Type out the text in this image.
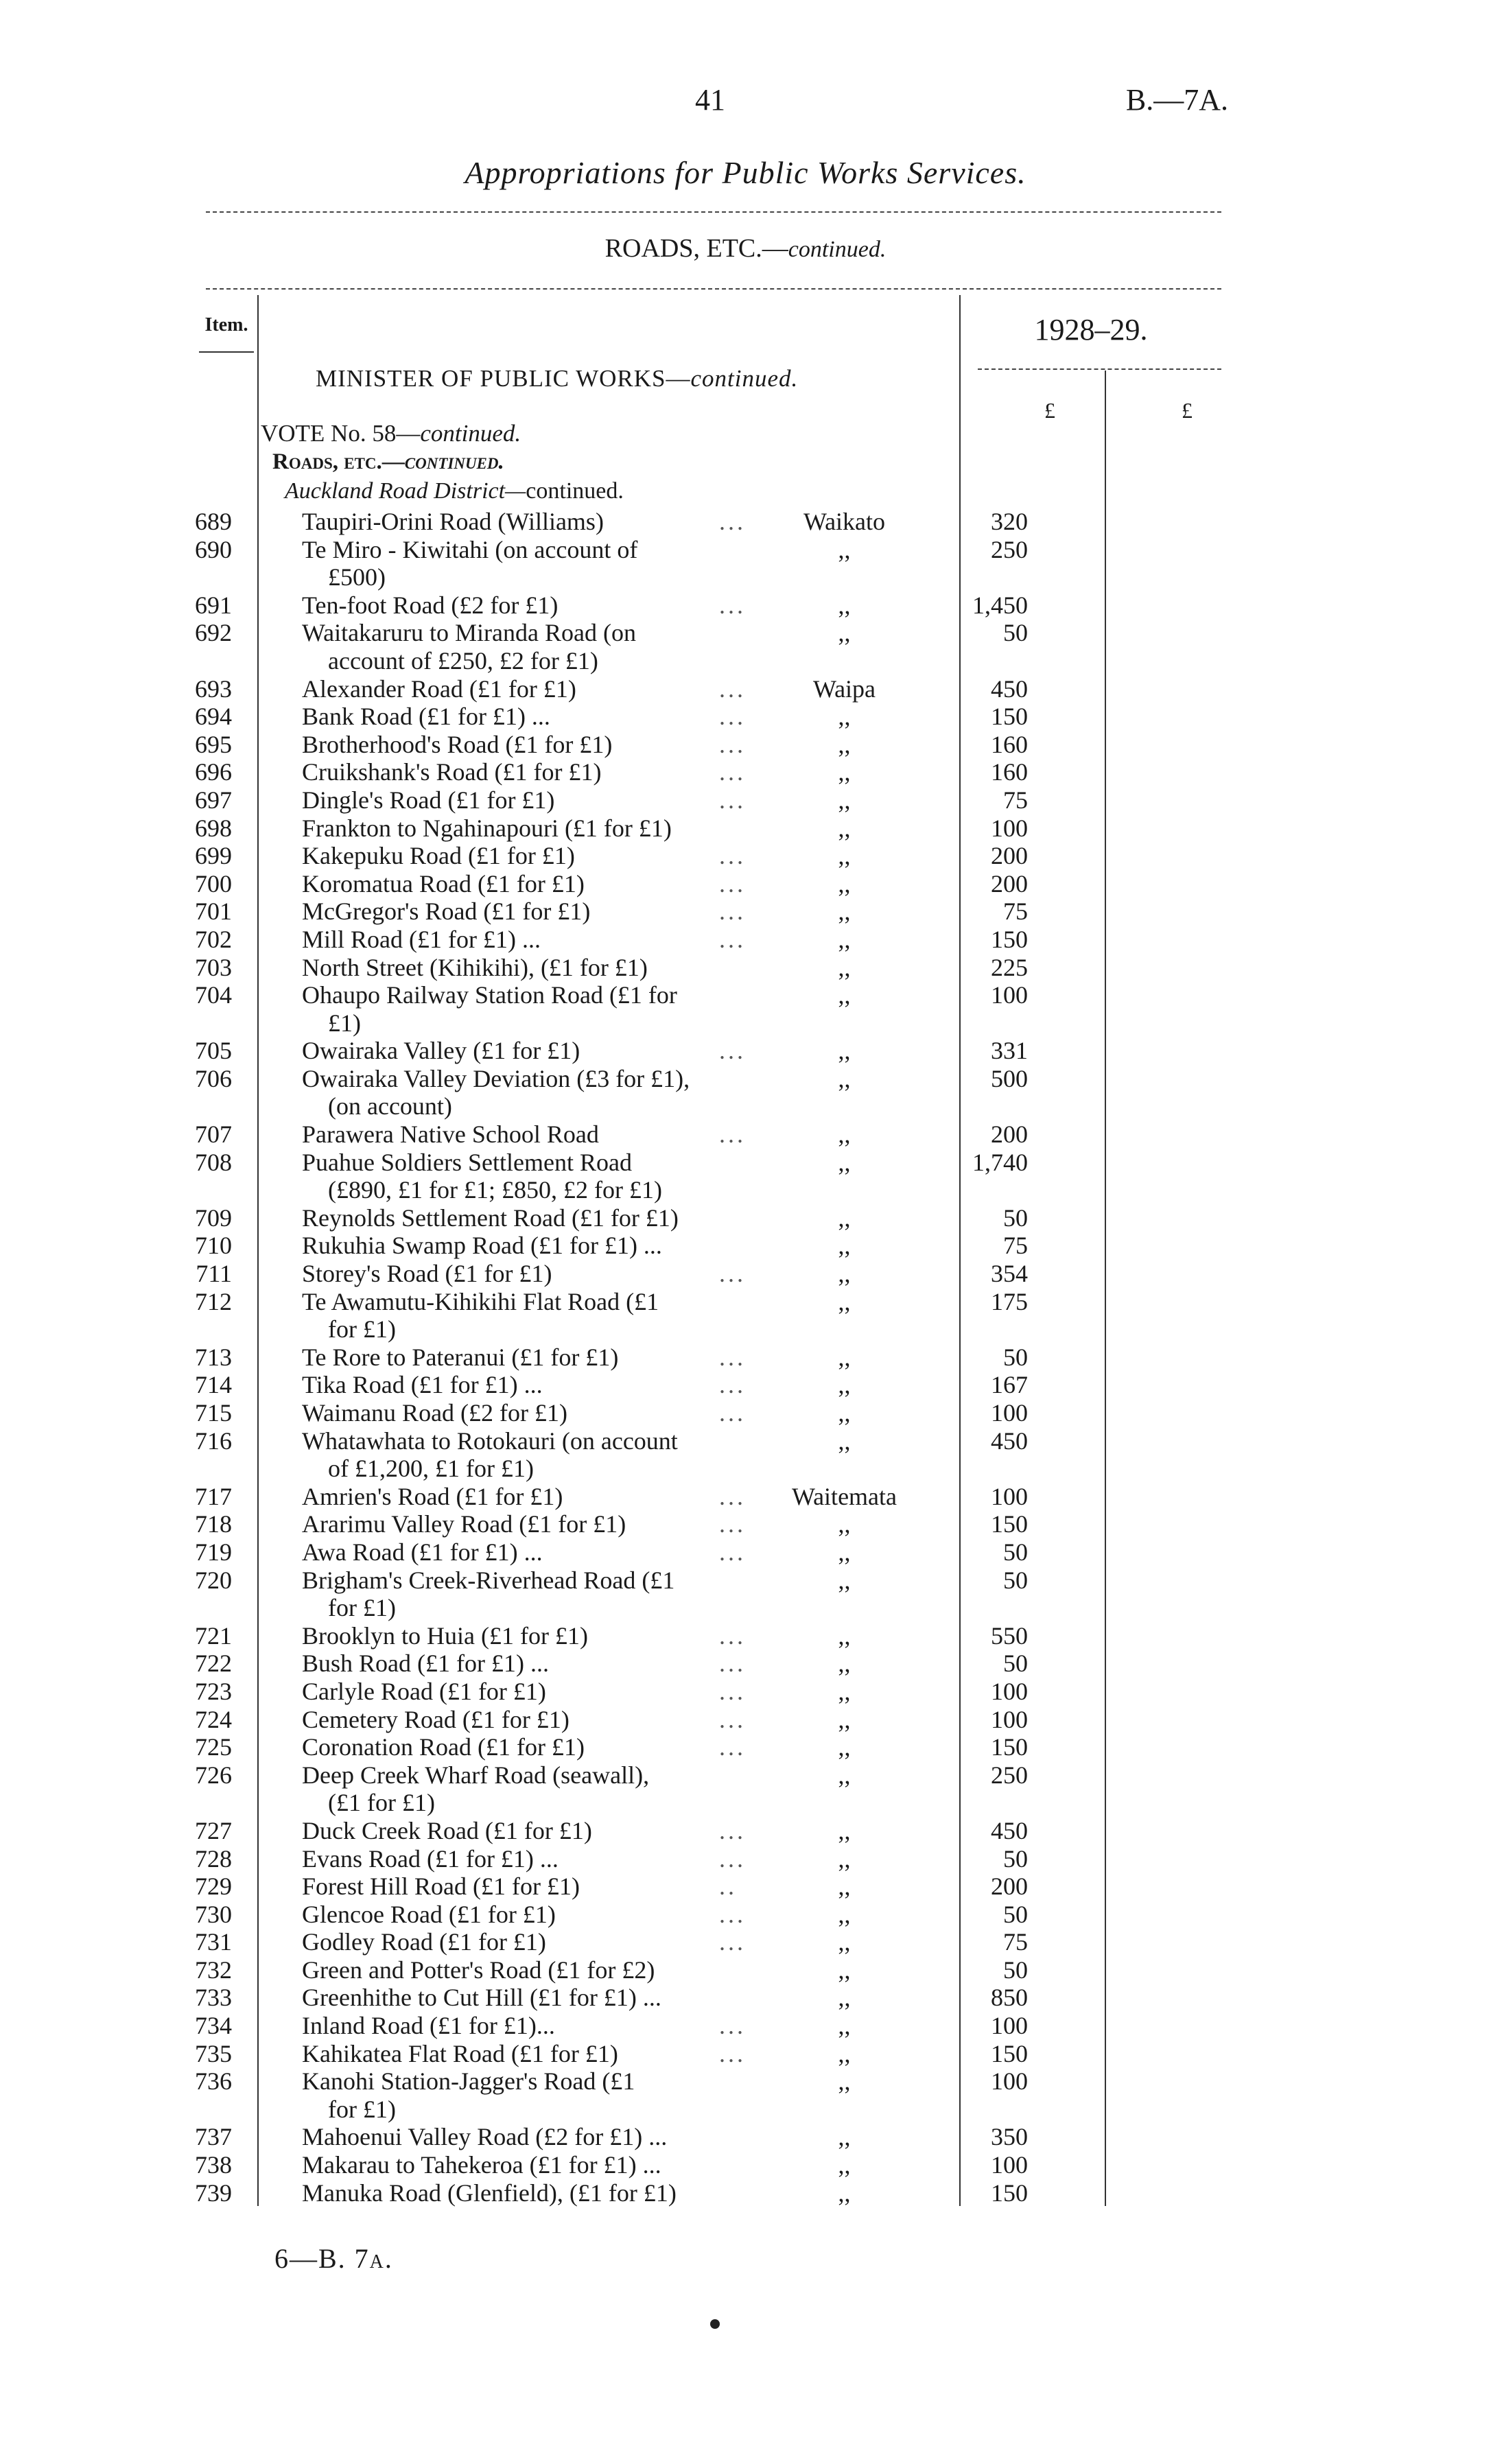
41	B.—7A.
Appropriations for Public Works Services.
ROADS, ETC.—continued.
Item.	1928–29.
MINISTER OF PUBLIC WORKS—continued.
£	£
VOTE No. 58—continued.
Roads, etc.—continued.
Auckland Road District—continued.
689	Taupiri-Orini Road (Williams)	...	Waikato	320
690	Te Miro - Kiwitahi (on account of
£500)
,,	250
691	Ten-foot Road (£2 for £1)	...	,,	1,450
692	Waitakaruru to Miranda Road (on
account of £250, £2 for £1)
,,	50
693	Alexander Road (£1 for £1)	...	Waipa	450
694	Bank Road (£1 for £1) ...	...	,,	150
695	Brotherhood's Road (£1 for £1)	...	,,	160
696	Cruikshank's Road (£1 for £1)	...	,,	160
697	Dingle's Road (£1 for £1)	...	,,	75
698	Frankton to Ngahinapouri (£1 for £1)	,,	100
699	Kakepuku Road (£1 for £1)	...	,,	200
700	Koromatua Road (£1 for £1)	...	,,	200
701	McGregor's Road (£1 for £1)	...	,,	75
702	Mill Road (£1 for £1) ...	...	,,	150
703	North Street (Kihikihi), (£1 for £1)	,,	225
704	Ohaupo Railway Station Road (£1 for
£1)
,,	100
705	Owairaka Valley (£1 for £1)	...	,,	331
706	Owairaka Valley Deviation (£3 for £1),
(on account)
,,	500
707	Parawera Native School Road	...	,,	200
708	Puahue Soldiers Settlement Road
(£890, £1 for £1; £850, £2 for £1)
,,	1,740
709	Reynolds Settlement Road (£1 for £1)	,,	50
710	Rukuhia Swamp Road (£1 for £1) ...	,,	75
711	Storey's Road (£1 for £1)	...	,,	354
712	Te Awamutu-Kihikihi Flat Road (£1
for £1)
,,	175
713	Te Rore to Pateranui (£1 for £1)	...	,,	50
714	Tika Road (£1 for £1) ...	...	,,	167
715	Waimanu Road (£2 for £1)	...	,,	100
716	Whatawhata to Rotokauri (on account
of £1,200, £1 for £1)
,,	450
717	Amrien's Road (£1 for £1)	...	Waitemata	100
718	Ararimu Valley Road (£1 for £1)	...	,,	150
719	Awa Road (£1 for £1) ...	...	,,	50
720	Brigham's Creek-Riverhead Road (£1
for £1)
,,	50
721	Brooklyn to Huia (£1 for £1)	...	,,	550
722	Bush Road (£1 for £1) ...	...	,,	50
723	Carlyle Road (£1 for £1)	...	,,	100
724	Cemetery Road (£1 for £1)	...	,,	100
725	Coronation Road (£1 for £1)	...	,,	150
726	Deep Creek Wharf Road (seawall),
(£1 for £1)
,,	250
727	Duck Creek Road (£1 for £1)	...	,,	450
728	Evans Road (£1 for £1) ...	...	,,	50
729	Forest Hill Road (£1 for £1)	..	,,	200
730	Glencoe Road (£1 for £1)	...	,,	50
731	Godley Road (£1 for £1)	...	,,	75
732	Green and Potter's Road (£1 for £2)	,,	50
733	Greenhithe to Cut Hill (£1 for £1) ...	,,	850
734	Inland Road (£1 for £1)...	...	,,	100
735	Kahikatea Flat Road (£1 for £1)	...	,,	150
736	Kanohi Station-Jagger's Road (£1
for £1)
,,	100
737	Mahoenui Valley Road (£2 for £1) ...	,,	350
738	Makarau to Tahekeroa (£1 for £1) ...	,,	100
739	Manuka Road (Glenfield), (£1 for £1)	,,	150
6—B. 7a.
